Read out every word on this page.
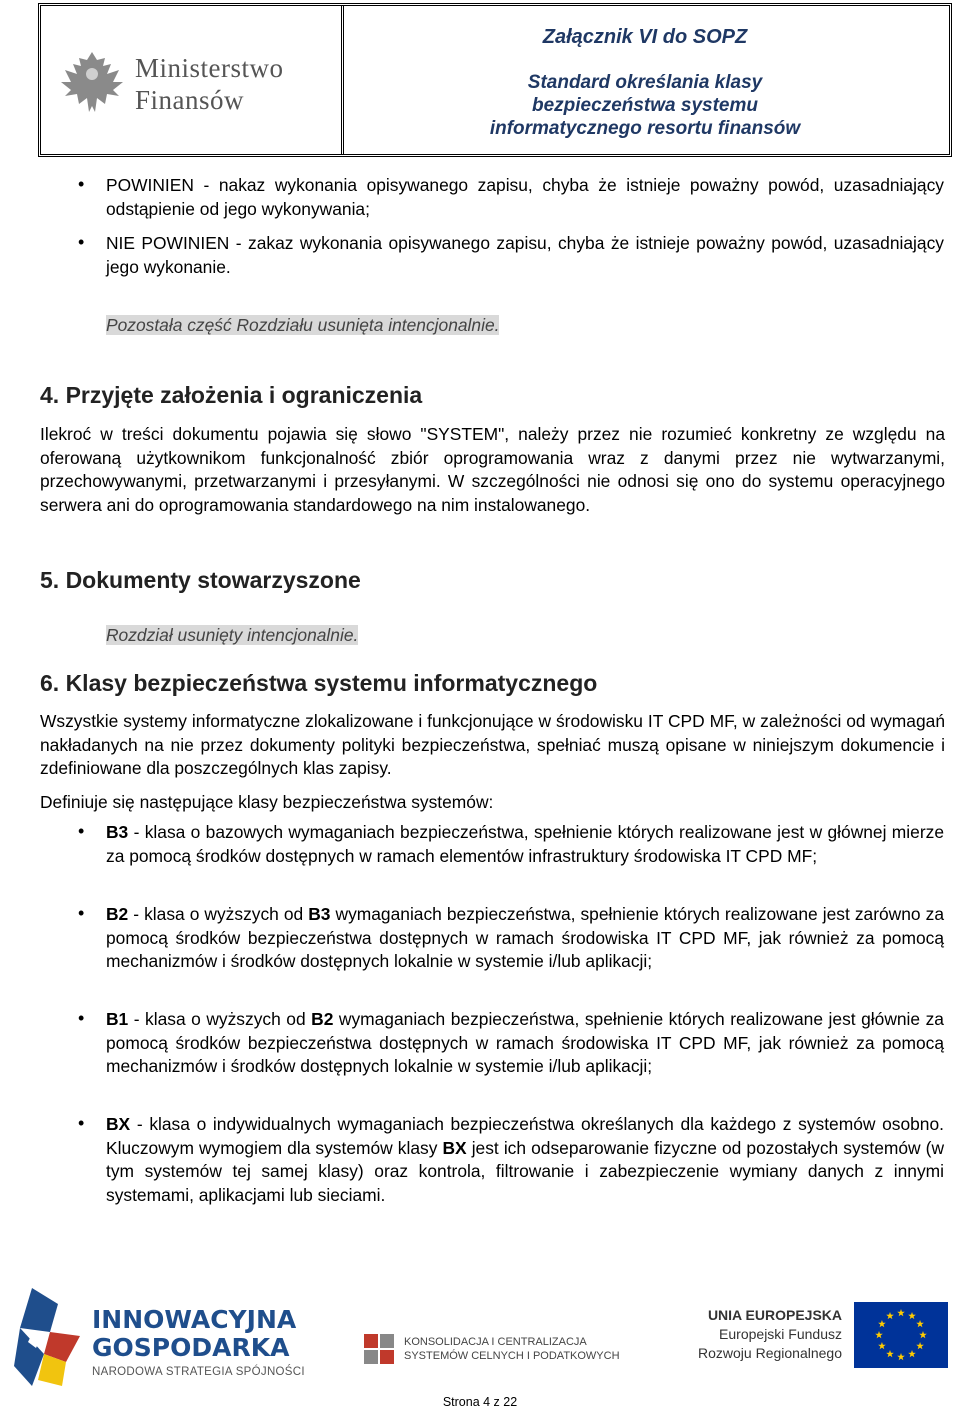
Ministerstwo
Finansów
Załącznik VI do SOPZ
Standard określania klasy
bezpieczeństwa systemu
informatycznego resortu finansów
POWINIEN - nakaz wykonania opisywanego zapisu, chyba że istnieje poważny powód, uzasadniający odstąpienie od jego wykonywania;
NIE POWINIEN - zakaz wykonania opisywanego zapisu, chyba że istnieje poważny powód, uzasadniający jego wykonanie.
Pozostała część Rozdziału usunięta intencjonalnie.
4. Przyjęte założenia i ograniczenia
Ilekroć w treści dokumentu pojawia się słowo "SYSTEM", należy przez nie rozumieć konkretny ze względu na oferowaną użytkownikom funkcjonalność zbiór oprogramowania wraz z danymi przez nie wytwarzanymi, przechowywanymi, przetwarzanymi i przesyłanymi. W szczególności nie odnosi się ono do systemu operacyjnego serwera ani do oprogramowania standardowego na nim instalowanego.
5. Dokumenty stowarzyszone
Rozdział usunięty intencjonalnie.
6. Klasy bezpieczeństwa systemu informatycznego
Wszystkie systemy informatyczne zlokalizowane i funkcjonujące w środowisku IT CPD MF, w zależności od wymagań nakładanych na nie przez dokumenty polityki bezpieczeństwa, spełniać muszą opisane w niniejszym dokumencie i zdefiniowane dla poszczególnych klas zapisy.
Definiuje się następujące klasy bezpieczeństwa systemów:
B3 - klasa o bazowych wymaganiach bezpieczeństwa, spełnienie których realizowane jest w głównej mierze za pomocą środków dostępnych w ramach elementów infrastruktury środowiska IT CPD MF;
B2 - klasa o wyższych od B3 wymaganiach bezpieczeństwa, spełnienie których realizowane jest zarówno za pomocą środków bezpieczeństwa dostępnych w ramach środowiska IT CPD MF, jak również za pomocą mechanizmów i środków dostępnych lokalnie w systemie i/lub aplikacji;
B1 - klasa o wyższych od B2 wymaganiach bezpieczeństwa, spełnienie których realizowane jest głównie za pomocą środków bezpieczeństwa dostępnych w ramach środowiska IT CPD MF, jak również za pomocą mechanizmów i środków dostępnych lokalnie w systemie i/lub aplikacji;
BX - klasa o indywidualnych wymaganiach bezpieczeństwa określanych dla każdego z systemów osobno. Kluczowym wymogiem dla systemów klasy BX jest ich odseparowanie fizyczne od pozostałych systemów (w tym systemów tej samej klasy) oraz kontrola, filtrowanie i zabezpieczenie wymiany danych z innymi systemami, aplikacjami lub sieciami.
INNOWACYJNA
GOSPODARKA
NARODOWA STRATEGIA SPÓJNOŚCI
KONSOLIDACJA I CENTRALIZACJA
SYSTEMÓW CELNYCH I PODATKOWYCH
UNIA EUROPEJSKA
Europejski Fundusz
Rozwoju Regionalnego
Strona 4 z 22
